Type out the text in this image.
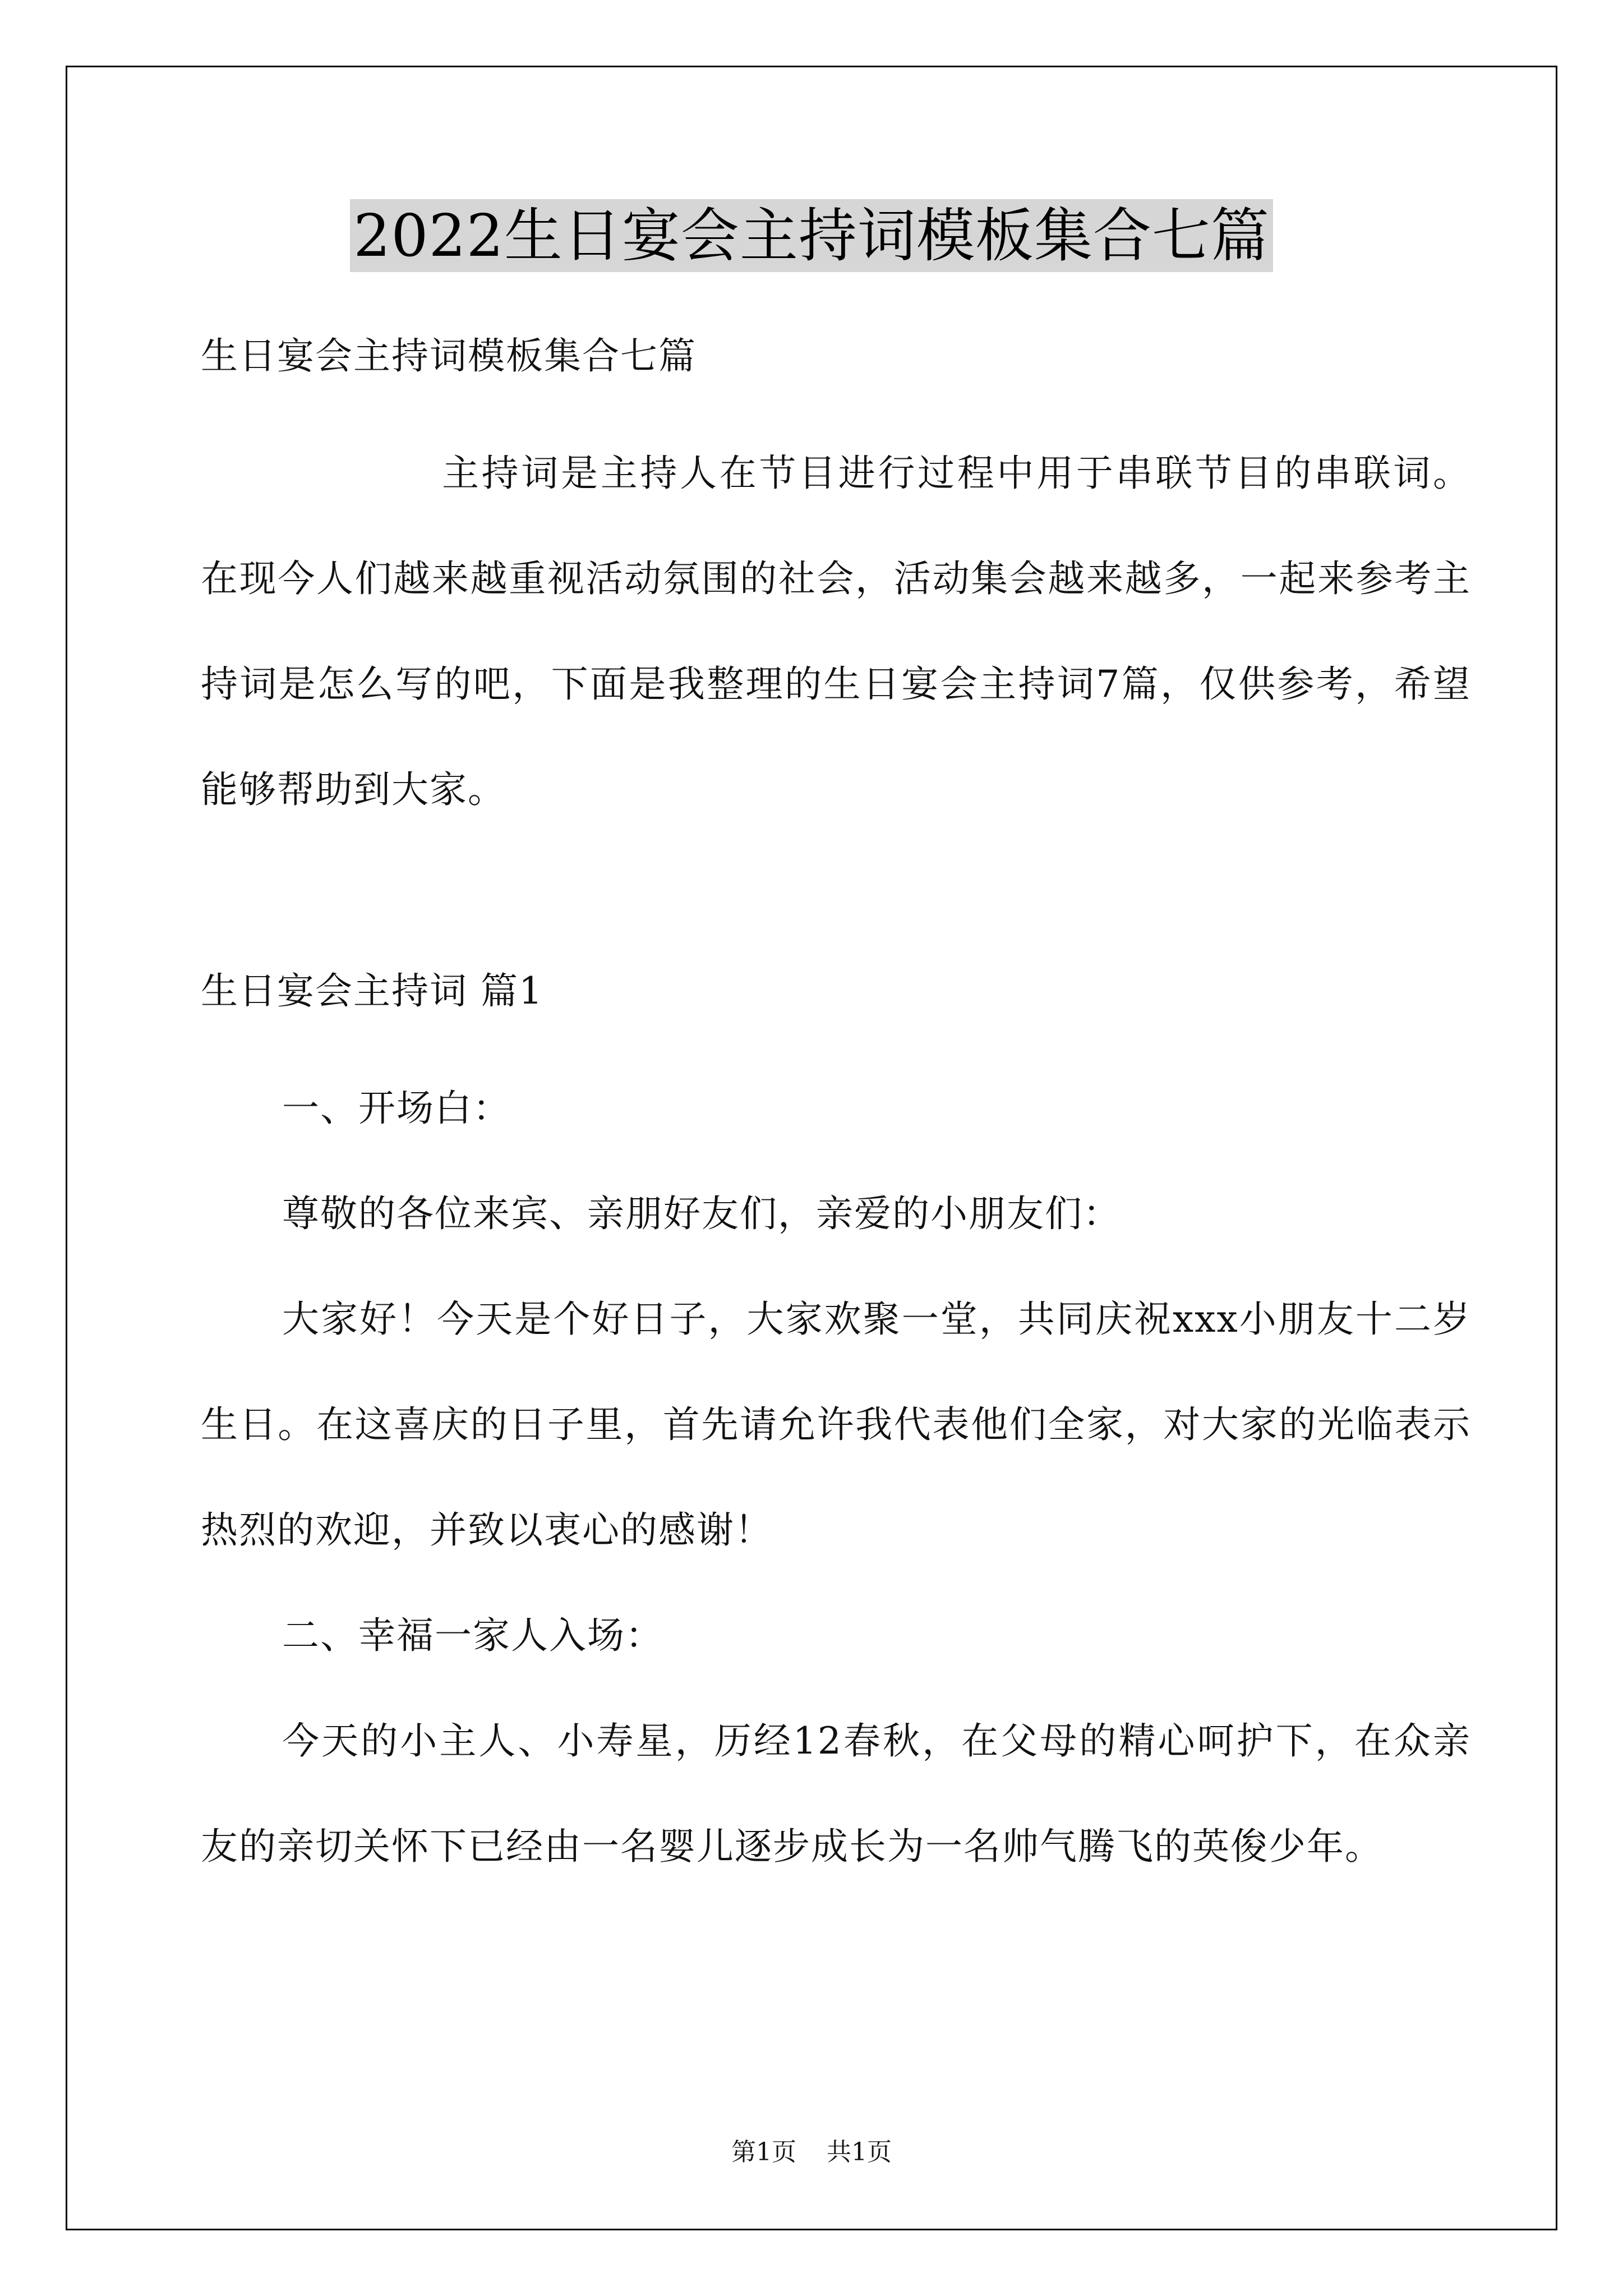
2022生日宴会主持词模板集合七篇

生日宴会主持词模板集合七篇

主持词是主持人在节目进行过程中用于串联节目的串联词。在现今人们越来越重视活动氛围的社会，活动集会越来越多，一起来参考主持词是怎么写的吧，下面是我整理的生日宴会主持词7篇，仅供参考，希望能够帮助到大家。

生日宴会主持词 篇1

一、开场白：

尊敬的各位来宾、亲朋好友们，亲爱的小朋友们：

大家好！今天是个好日子，大家欢聚一堂，共同庆祝xxx小朋友十二岁生日。在这喜庆的日子里，首先请允许我代表他们全家，对大家的光临表示热烈的欢迎，并致以衷心的感谢！

二、幸福一家人入场：

今天的小主人、小寿星，历经12春秋，在父母的精心呵护下，在众亲友的亲切关怀下已经由一名婴儿逐步成长为一名帅气腾飞的英俊少年。

第1页 共1页
